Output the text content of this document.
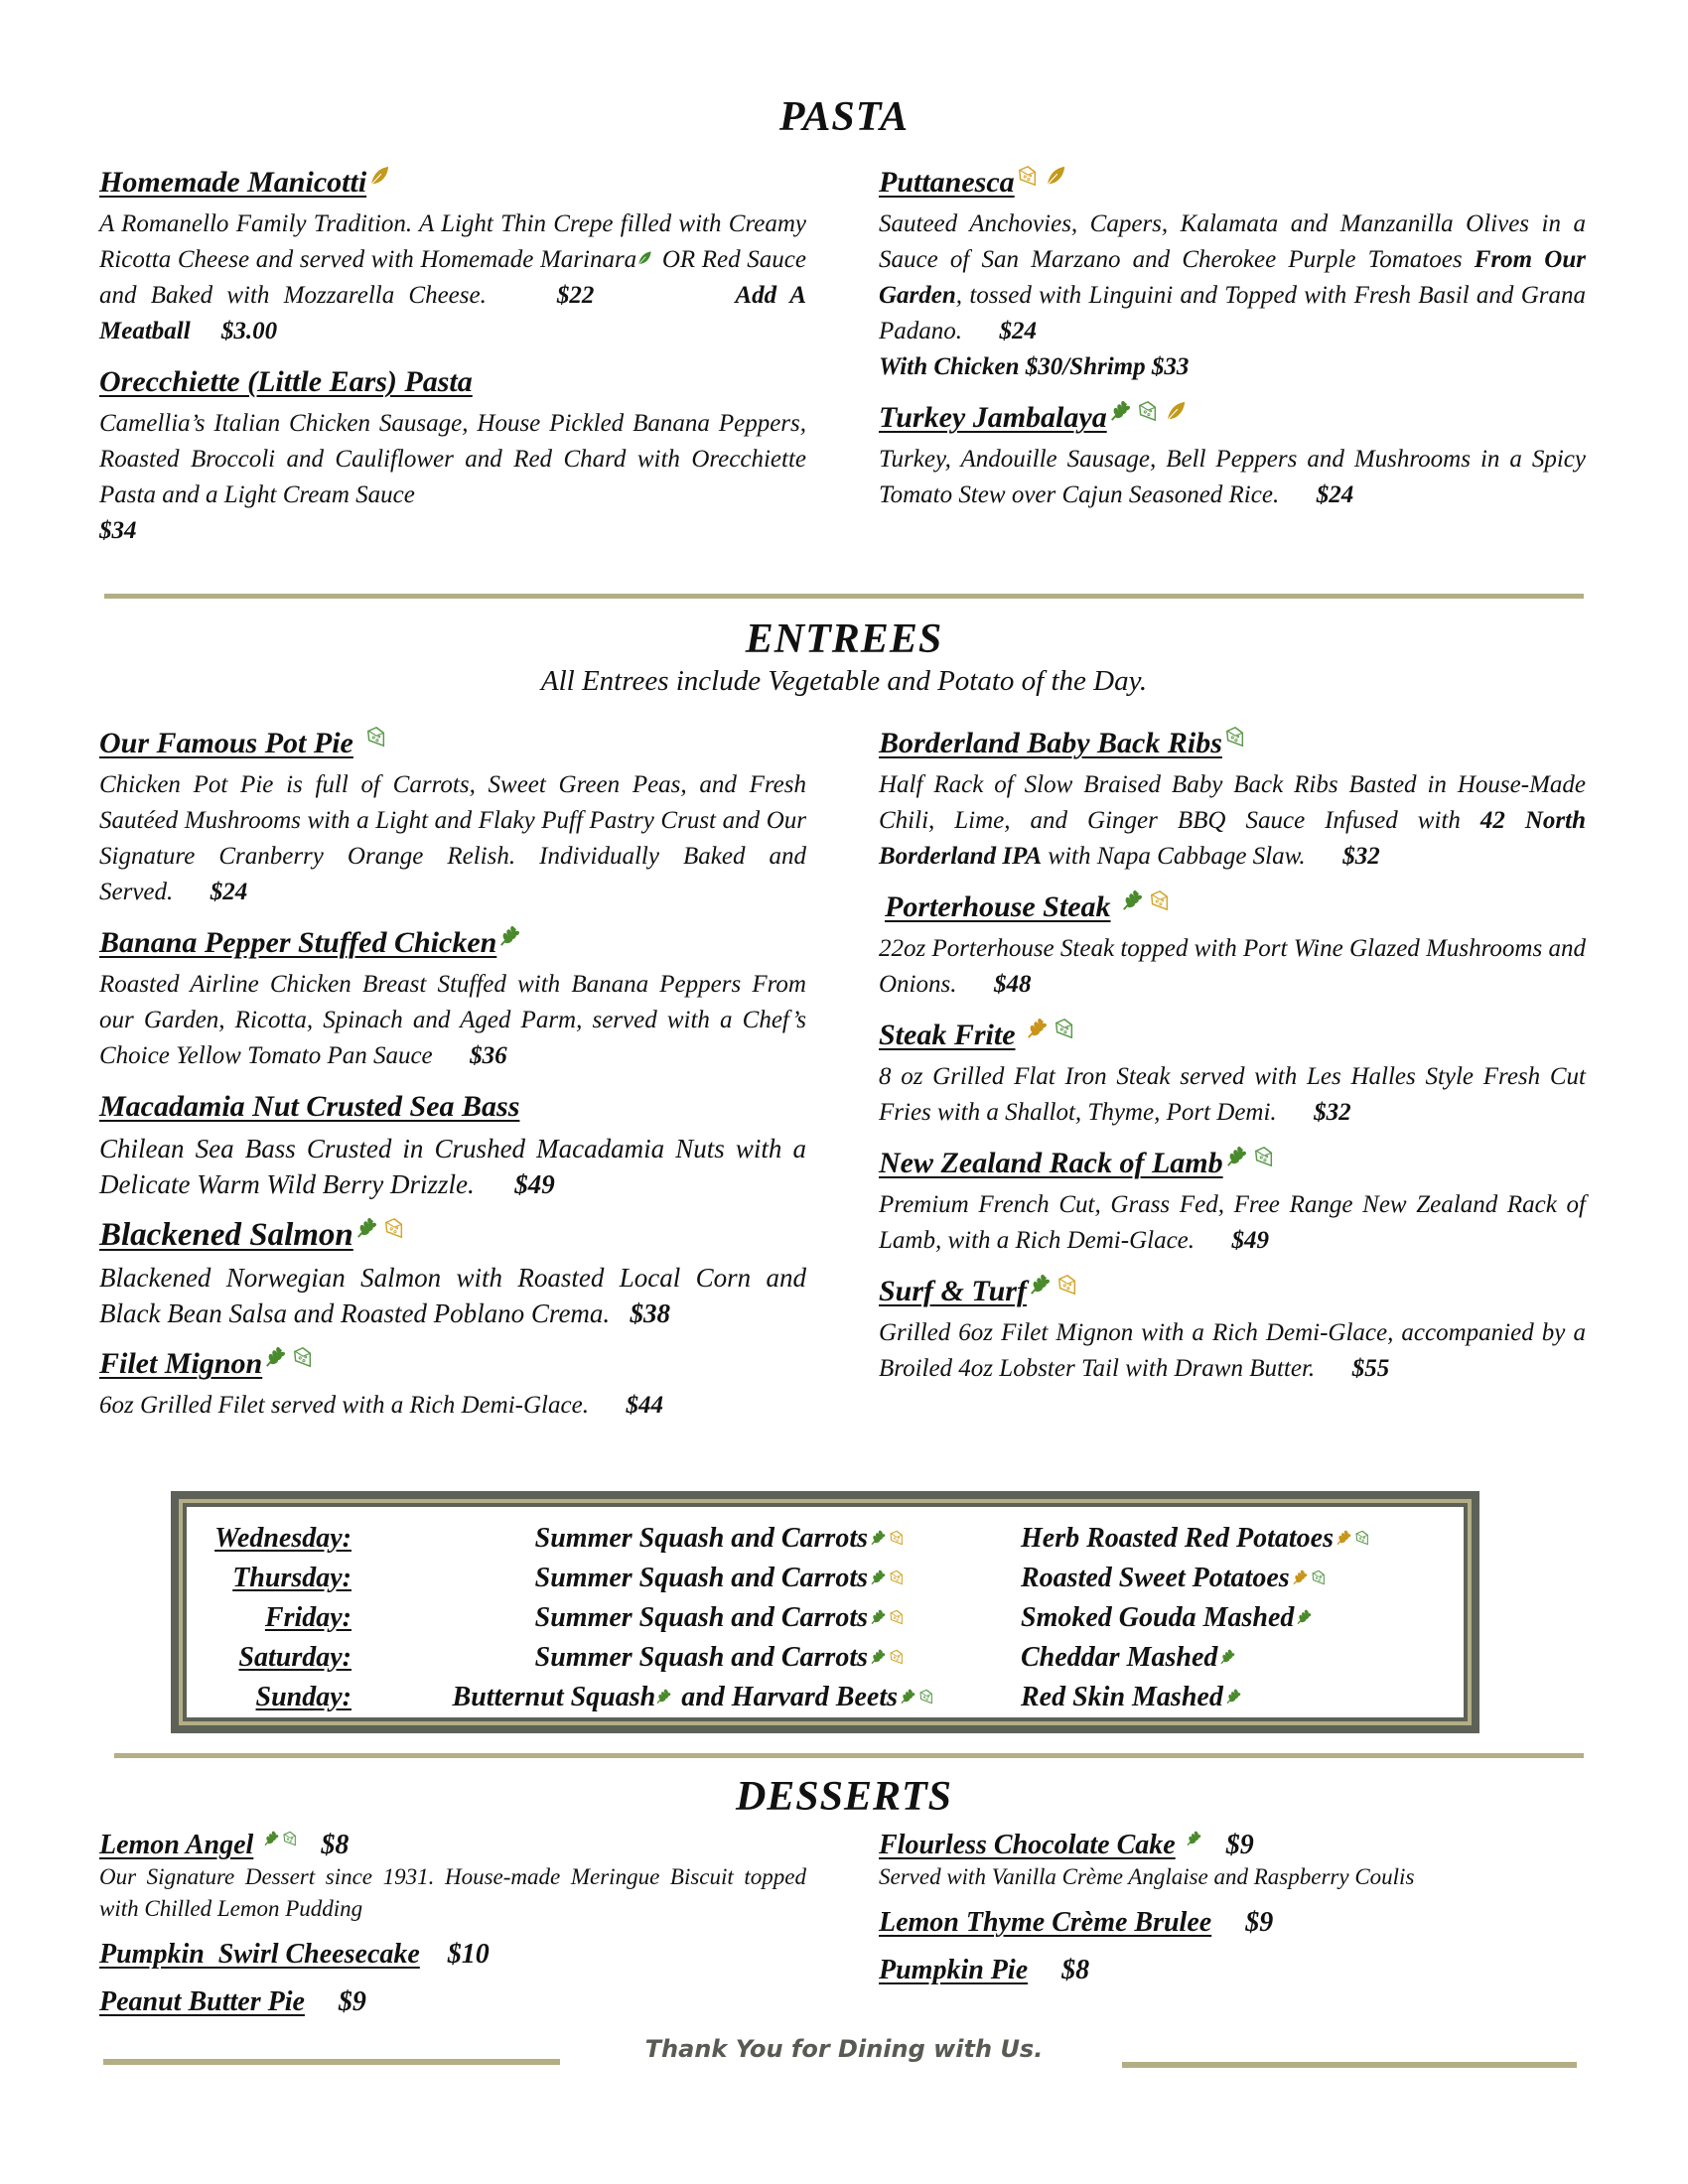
PASTA
Homemade Manicotti
A Romanello Family Tradition. A Light Thin Crepe filled with Creamy Ricotta Cheese and served with Homemade Marinara OR Red Sauce and Baked with Mozzarella Cheese.	$22	Add A Meatball $3.00
Orecchiette (Little Ears) Pasta
Camellia’s Italian Chicken Sausage, House Pickled Banana Peppers, Roasted Broccoli and Cauliflower and Red Chard with Orecchiette Pasta and a Light Cream Sauce
$34
Puttanesca
Sauteed Anchovies, Capers, Kalamata and Manzanilla Olives in a Sauce of San Marzano and Cherokee Purple Tomatoes From Our Garden, tossed with Linguini and Topped with Fresh Basil and Grana Padano. $24
With Chicken $30/Shrimp $33
Turkey Jambalaya
Turkey, Andouille Sausage, Bell Peppers and Mushrooms in a Spicy Tomato Stew over Cajun Seasoned Rice. $24
ENTREES
All Entrees include Vegetable and Potato of the Day.
Our Famous Pot Pie
Chicken Pot Pie is full of Carrots, Sweet Green Peas, and Fresh Sautéed Mushrooms with a Light and Flaky Puff Pastry Crust and Our Signature Cranberry Orange Relish. Individually Baked and Served. $24
Banana Pepper Stuffed Chicken
Roasted Airline Chicken Breast Stuffed with Banana Peppers From our Garden, Ricotta, Spinach and Aged Parm, served with a Chef’s Choice Yellow Tomato Pan Sauce $36
Macadamia Nut Crusted Sea Bass
Chilean Sea Bass Crusted in Crushed Macadamia Nuts with a Delicate Warm Wild Berry Drizzle. $49
Blackened Salmon
Blackened Norwegian Salmon with Roasted Local Corn and Black Bean Salsa and Roasted Poblano Crema. $38
Filet Mignon
6oz Grilled Filet served with a Rich Demi-Glace. $44
Borderland Baby Back Ribs
Half Rack of Slow Braised Baby Back Ribs Basted in House-Made Chili, Lime, and Ginger BBQ Sauce Infused with 42 North Borderland IPA with Napa Cabbage Slaw. $32
Porterhouse Steak
22oz Porterhouse Steak topped with Port Wine Glazed Mushrooms and Onions. $48
Steak Frite
8 oz Grilled Flat Iron Steak served with Les Halles Style Fresh Cut Fries with a Shallot, Thyme, Port Demi. $32
New Zealand Rack of Lamb
Premium French Cut, Grass Fed, Free Range New Zealand Rack of Lamb, with a Rich Demi-Glace. $49
Surf & Turf
Grilled 6oz Filet Mignon with a Rich Demi-Glace, accompanied by a Broiled 4oz Lobster Tail with Drawn Butter. $55
Wednesday:	Summer Squash and Carrots	Herb Roasted Red Potatoes
Thursday:	Summer Squash and Carrots	Roasted Sweet Potatoes
Friday:	Summer Squash and Carrots	Smoked Gouda Mashed
Saturday:	Summer Squash and Carrots	Cheddar Mashed
Sunday:	Butternut Squash and Harvard Beets	Red Skin Mashed
DESSERTS
Lemon Angel $8
Our Signature Dessert since 1931. House-made Meringue Biscuit topped with Chilled Lemon Pudding
Pumpkin  Swirl Cheesecake $10
Peanut Butter Pie $9
Flourless Chocolate Cake $9
Served with Vanilla Crème Anglaise and Raspberry Coulis
Lemon Thyme Crème Brulee $9
Pumpkin Pie $8
Thank You for Dining with Us.
